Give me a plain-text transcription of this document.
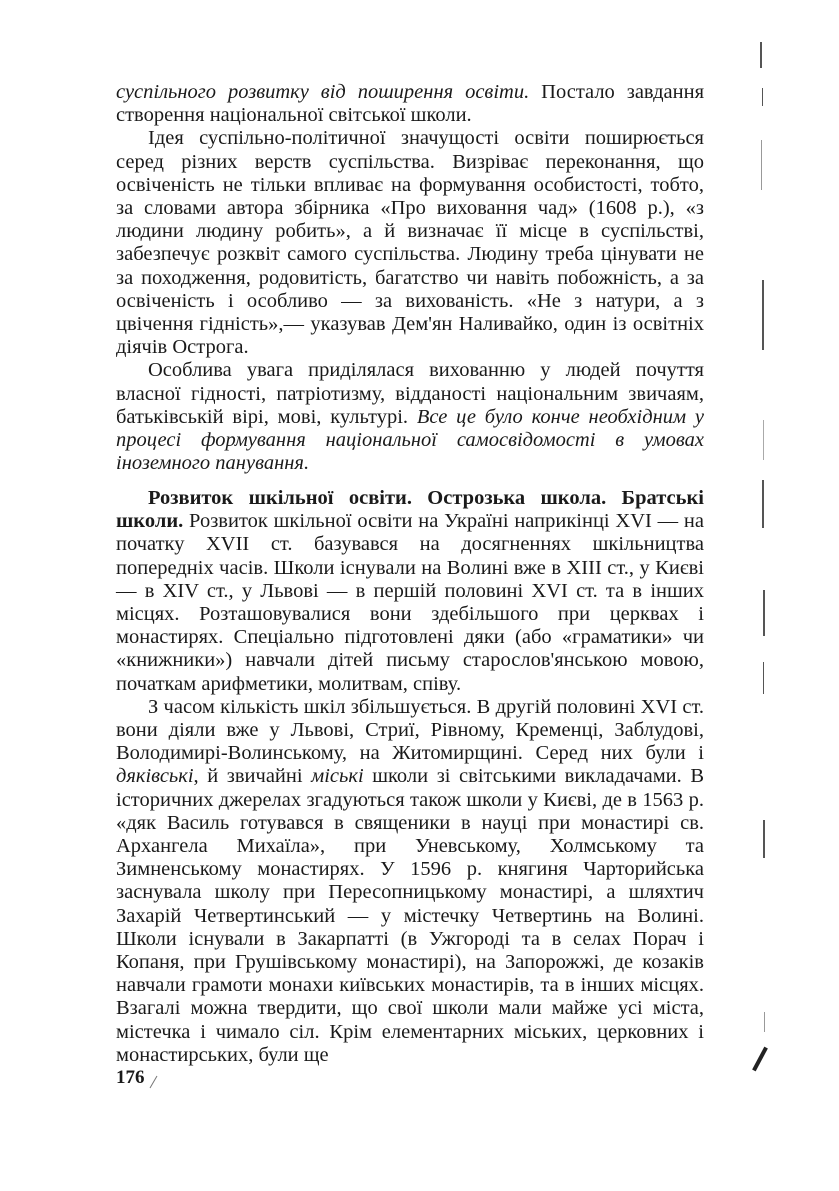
суспільного розвитку від поширення освіти. Постало завдання створення національної світської школи.

Ідея суспільно-політичної значущості освіти поширюється серед різних верств суспільства. Визріває переконання, що освіченість не тільки впливає на формування особистості, тобто, за словами автора збірника «Про виховання чад» (1608 р.), «з людини людину робить», а й визначає її місце в суспільстві, забезпечує розквіт самого суспільства. Людину треба цінувати не за походження, родовитість, багатство чи навіть побожність, а за освіченість і особливо — за вихованість. «Не з натури, а з цвічення гідність»,— указував Дем'ян Наливайко, один із освітніх діячів Острога.

Особлива увага приділялася вихованню у людей почуття власної гідності, патріотизму, відданості національним звичаям, батьківській вірі, мові, культурі. Все це було конче необхідним у процесі формування національної самосвідомості в умовах іноземного панування.

Розвиток шкільної освіти. Острозька школа. Братські школи. Розвиток шкільної освіти на Україні наприкінці XVI — на початку XVII ст. базувався на досягненнях шкільництва попередніх часів. Школи існували на Волині вже в XIII ст., у Києві — в XIV ст., у Львові — в першій половині XVI ст. та в інших місцях. Розташовувалися вони здебільшого при церквах і монастирях. Спеціально підготовлені дяки (або «граматики» чи «книжники») навчали дітей письму старослов'янською мовою, початкам арифметики, молитвам, співу.

З часом кількість шкіл збільшується. В другій половині XVI ст. вони діяли вже у Львові, Стриї, Рівному, Кременці, Заблудові, Володимирі-Волинському, на Житомирщині. Серед них були і дяківські, й звичайні міські школи зі світськими викладачами. В історичних джерелах згадуються також школи у Києві, де в 1563 р. «дяк Василь готувався в священики в науці при монастирі св. Архангела Михаїла», при Уневському, Холмському та Зимненському монастирях. У 1596 р. княгиня Чарторийська заснувала школу при Пересопницькому монастирі, а шляхтич Захарій Четвертинський — у містечку Четвертинь на Волині. Школи існували в Закарпатті (в Ужгороді та в селах Порач і Копаня, при Грушівському монастирі), на Запорожжі, де козаків навчали грамоти монахи київських монастирів, та в інших місцях. Взагалі можна твердити, що свої школи мали майже усі міста, містечка і чимало сіл. Крім елементарних міських, церковних і монастирських, були ще

176
